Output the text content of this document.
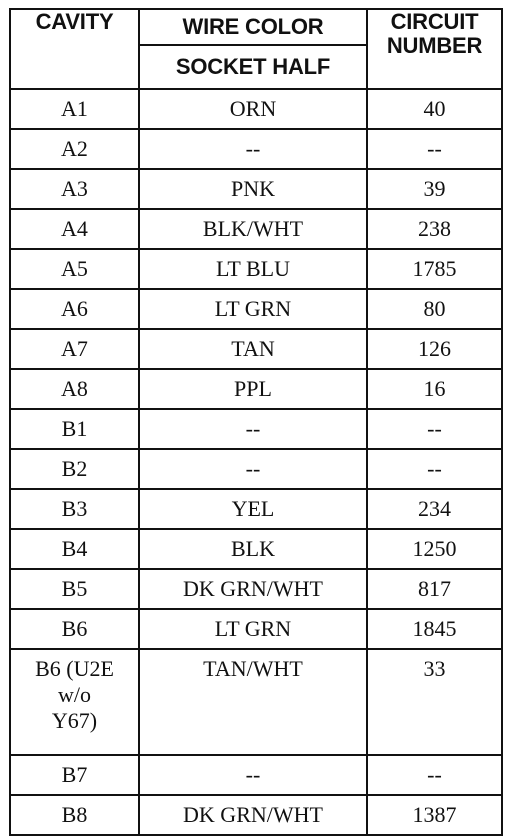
CAVITY	WIRE COLOR	CIRCUIT
NUMBER

	SOCKET HALF	
A1	ORN	40
A2	--	--
A3	PNK	39
A4	BLK/WHT	238
A5	LT BLU	1785
A6	LT GRN	80
A7	TAN	126
A8	PPL	16
B1	--	--
B2	--	--
B3	YEL	234
B4	BLK	1250
B5	DK GRN/WHT	817
B6	LT GRN	1845

B6 (U2E
w/o
Y67)	TAN/WHT	33
B7	--	--
B8	DK GRN/WHT	1387
